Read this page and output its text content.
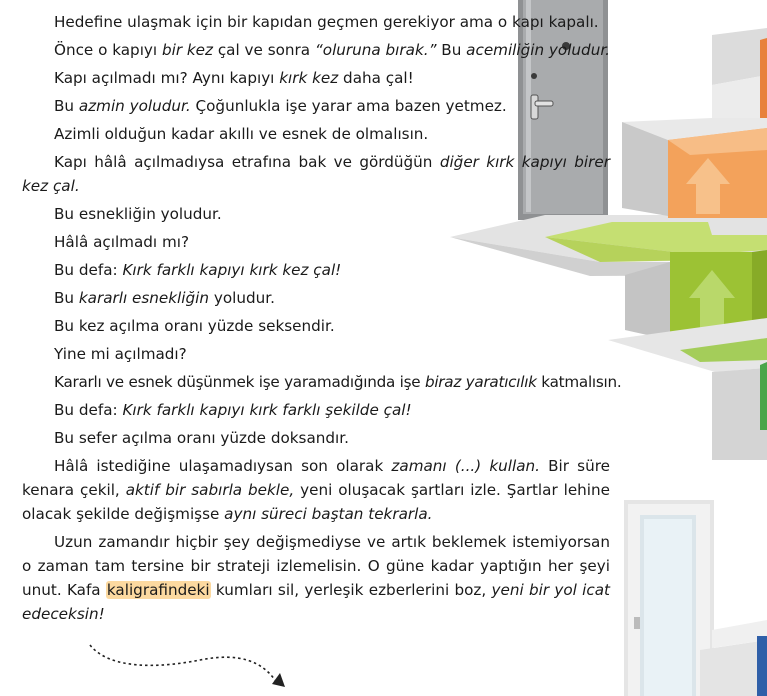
Hedefine ulaşmak için bir kapıdan geçmen gerekiyor ama o kapı kapalı.

Önce o kapıyı bir kez çal ve sonra “oluruna bırak.” Bu acemiliğin yoludur.

Kapı açılmadı mı? Aynı kapıyı kırk kez daha çal!

Bu azmin yoludur. Çoğunlukla işe yarar ama bazen yetmez.

Azimli olduğun kadar akıllı ve esnek de olmalısın.

Kapı hâlâ açılmadıysa etrafına bak ve gördüğün diğer kırk kapıyı birer kez çal.

Bu esnekliğin yoludur.

Hâlâ açılmadı mı?

Bu defa: Kırk farklı kapıyı kırk kez çal!

Bu kararlı esnekliğin yoludur.

Bu kez açılma oranı yüzde seksendir.

Yine mi açılmadı?

Kararlı ve esnek düşünmek işe yaramadığında işe biraz yaratıcılık katmalısın.

Bu defa: Kırk farklı kapıyı kırk farklı şekilde çal!

Bu sefer açılma oranı yüzde doksandır.

Hâlâ istediğine ulaşamadıysan son olarak zamanı (...) kullan. Bir süre kenara çekil, aktif bir sabırla bekle, yeni oluşacak şartları izle. Şartlar lehine olacak şekilde değişmişse aynı süreci baştan tekrarla.

Uzun zamandır hiçbir şey değişmediyse ve artık beklemek istemiyorsan o zaman tam tersine bir strateji izlemelisin. O güne kadar yaptığın her şeyi unut. Kafa kaligrafindeki kumları sil, yerleşik ezberlerini boz, yeni bir yol icat edeceksin!
